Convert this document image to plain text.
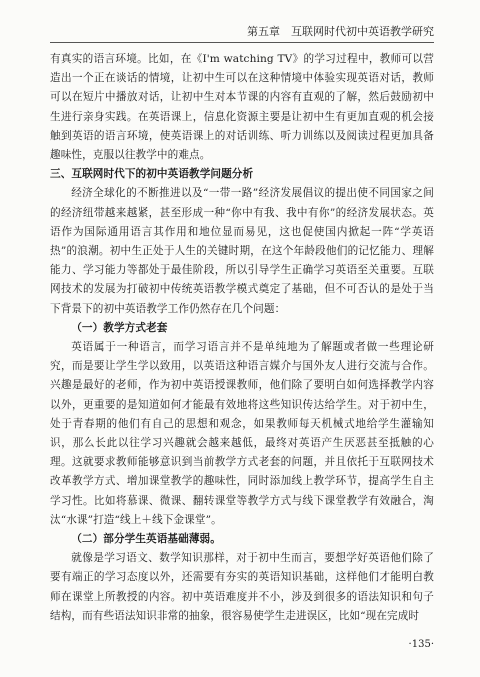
第五章　互联网时代初中英语教学研究

有真实的语言环境。比如，在《I'm watching TV》的学习过程中，教师可以营造出一个正在谈话的情境，让初中生可以在这种情境中体验实现英语对话，教师可以在短片中播放对话，让初中生对本节课的内容有直观的了解，然后鼓励初中生进行亲身实践。在英语课上，信息化资源主要是让初中生有更加直观的机会接触到英语的语言环境，使英语课上的对话训练、听力训练以及阅读过程更加具备趣味性，克服以往教学中的难点。

三、互联网时代下的初中英语教学问题分析

经济全球化的不断推进以及“一带一路”经济发展倡议的提出使不同国家之间的经济纽带越来越紧，甚至形成一种“你中有我、我中有你”的经济发展状态。英语作为国际通用语言其作用和地位显而易见，这也促使国内掀起一阵“学英语热”的浪潮。初中生正处于人生的关键时期，在这个年龄段他们的记忆能力、理解能力、学习能力等都处于最佳阶段，所以引导学生正确学习英语至关重要。互联网技术的发展为打破初中传统英语教学模式奠定了基础，但不可否认的是处于当下背景下的初中英语教学工作仍然存在几个问题：

（一）教学方式老套

英语属于一种语言，而学习语言并不是单纯地为了解题或者做一些理论研究，而是要让学生学以致用，以英语这种语言媒介与国外友人进行交流与合作。兴趣是最好的老师，作为初中英语授课教师，他们除了要明白如何选择教学内容以外，更重要的是知道如何才能最有效地将这些知识传达给学生。对于初中生，处于青春期的他们有自己的思想和观念，如果教师每天机械式地给学生灌输知识，那么长此以往学习兴趣就会越来越低，最终对英语产生厌恶甚至抵触的心理。这就要求教师能够意识到当前教学方式老套的问题，并且依托于互联网技术改革教学方式、增加课堂教学的趣味性，同时添加线上教学环节，提高学生自主学习性。比如将慕课、微课、翻转课堂等教学方式与线下课堂教学有效融合，淘汰“水课”打造“线上＋线下金课堂”。

（二）部分学生英语基础薄弱。

就像是学习语文、数学知识那样，对于初中生而言，要想学好英语他们除了要有端正的学习态度以外，还需要有夯实的英语知识基础，这样他们才能明白教师在课堂上所教授的内容。初中英语难度并不小，涉及到很多的语法知识和句子结构，而有些语法知识非常的抽象，很容易使学生走进误区，比如“现在完成时

·135·
